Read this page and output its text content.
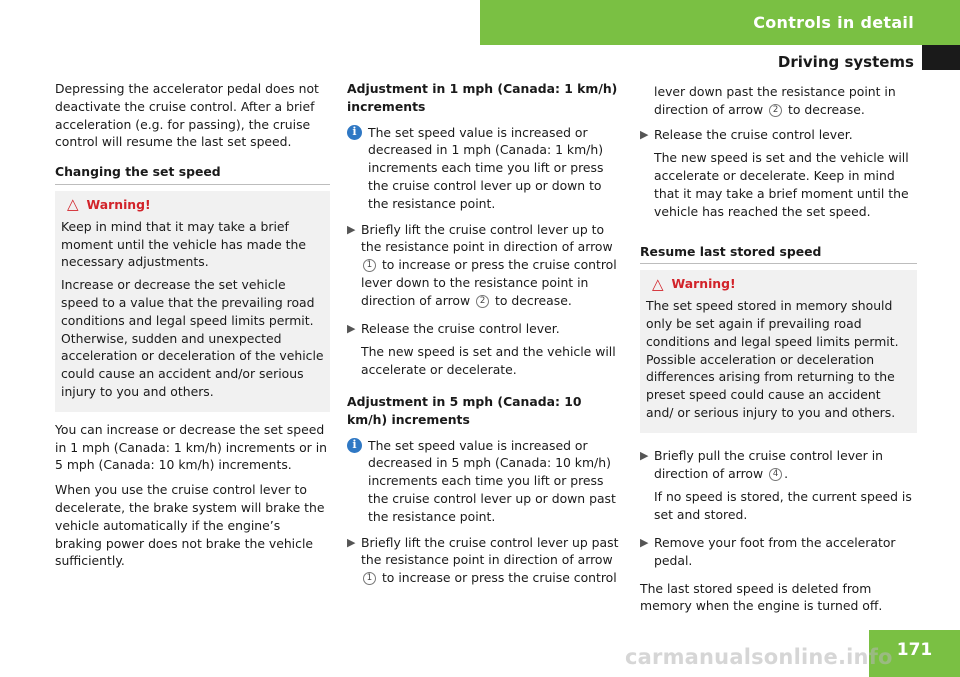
Controls in detail
Driving systems

Depressing the accelerator pedal does not deactivate the cruise control. After a brief acceleration (e.g. for passing), the cruise control will resume the last set speed.

Changing the set speed
△ Warning!

Keep in mind that it may take a brief moment until the vehicle has made the necessary adjustments.

Increase or decrease the set vehicle speed to a value that the prevailing road conditions and legal speed limits permit. Otherwise, sudden and unexpected acceleration or deceleration of the vehicle could cause an accident and/or serious injury to you and others.

You can increase or decrease the set speed in 1 mph (Canada: 1 km/h) increments or in 5 mph (Canada: 10 km/h) increments.

When you use the cruise control lever to decelerate, the brake system will brake the vehicle automatically if the engine’s braking power does not brake the vehicle sufficiently.

Adjustment in 1 mph (Canada: 1 km/h) increments
i The set speed value is increased or decreased in 1 mph (Canada: 1 km/h) increments each time you lift or press the cruise control lever up or down to the resistance point.
▶ Briefly lift the cruise control lever up to the resistance point in direction of arrow 1 to increase or press the cruise control lever down to the resistance point in direction of arrow 2 to decrease.

▶ Release the cruise control lever.

The new speed is set and the vehicle will accelerate or decelerate.

Adjustment in 5 mph (Canada: 10 km/h) increments
i The set speed value is increased or decreased in 5 mph (Canada: 10 km/h) increments each time you lift or press the cruise control lever up or down past the resistance point.
▶ Briefly lift the cruise control lever up past the resistance point in direction of arrow 1 to increase or press the cruise control

lever down past the resistance point in direction of arrow 2 to decrease.

▶ Release the cruise control lever.

The new speed is set and the vehicle will accelerate or decelerate. Keep in mind that it may take a brief moment until the vehicle has reached the set speed.

Resume last stored speed
△ Warning!

The set speed stored in memory should only be set again if prevailing road conditions and legal speed limits permit. Possible acceleration or deceleration differences arising from returning to the preset speed could cause an accident and/ or serious injury to you and others.

▶ Briefly pull the cruise control lever in direction of arrow 4 .

If no speed is stored, the current speed is set and stored.

▶ Remove your foot from the accelerator pedal.

The last stored speed is deleted from memory when the engine is turned off.

171
carmanualsonline.info
